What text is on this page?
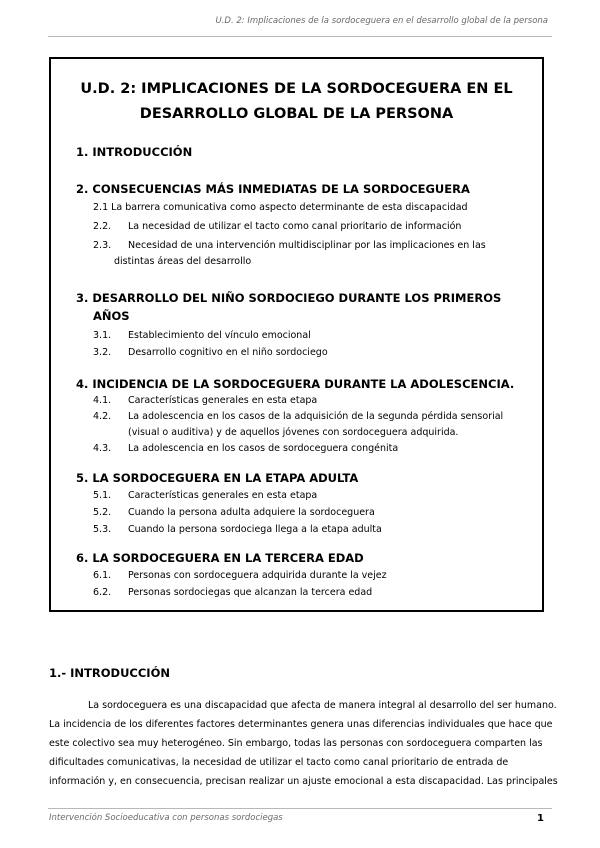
U.D. 2: Implicaciones de la sordoceguera en el desarrollo global de la persona
U.D. 2: IMPLICACIONES DE LA SORDOCEGUERA EN EL
DESARROLLO GLOBAL DE LA PERSONA
1. INTRODUCCIÓN
2. CONSECUENCIAS MÁS INMEDIATAS DE LA SORDOCEGUERA
2.1 La barrera comunicativa como aspecto determinante de esta discapacidad
2.2. La necesidad de utilizar el tacto como canal prioritario de información
2.3. Necesidad de una intervención multidisciplinar por las implicaciones en las
distintas áreas del desarrollo
3. DESARROLLO DEL NIÑO SORDOCIEGO DURANTE LOS PRIMEROS
AÑOS
3.1. Establecimiento del vínculo emocional
3.2. Desarrollo cognitivo en el niño sordociego
4. INCIDENCIA DE LA SORDOCEGUERA DURANTE LA ADOLESCENCIA.
4.1. Características generales en esta etapa
4.2. La adolescencia en los casos de la adquisición de la segunda pérdida sensorial
(visual o auditiva) y de aquellos jóvenes con sordoceguera adquirida.
4.3. La adolescencia en los casos de sordoceguera congénita
5. LA SORDOCEGUERA EN LA ETAPA ADULTA
5.1. Características generales en esta etapa
5.2. Cuando la persona adulta adquiere la sordoceguera
5.3. Cuando la persona sordociega llega a la etapa adulta
6. LA SORDOCEGUERA EN LA TERCERA EDAD
6.1. Personas con sordoceguera adquirida durante la vejez
6.2. Personas sordociegas que alcanzan la tercera edad
1.- INTRODUCCIÓN
La sordoceguera es una discapacidad que afecta de manera integral al desarrollo del ser humano.
La incidencia de los diferentes factores determinantes genera unas diferencias individuales que hace que
este colectivo sea muy heterogéneo. Sin embargo, todas las personas con sordoceguera comparten las
dificultades comunicativas, la necesidad de utilizar el tacto como canal prioritario de entrada de
información y, en consecuencia, precisan realizar un ajuste emocional a esta discapacidad. Las principales
Intervención Socioeducativa con personas sordociegas	1
